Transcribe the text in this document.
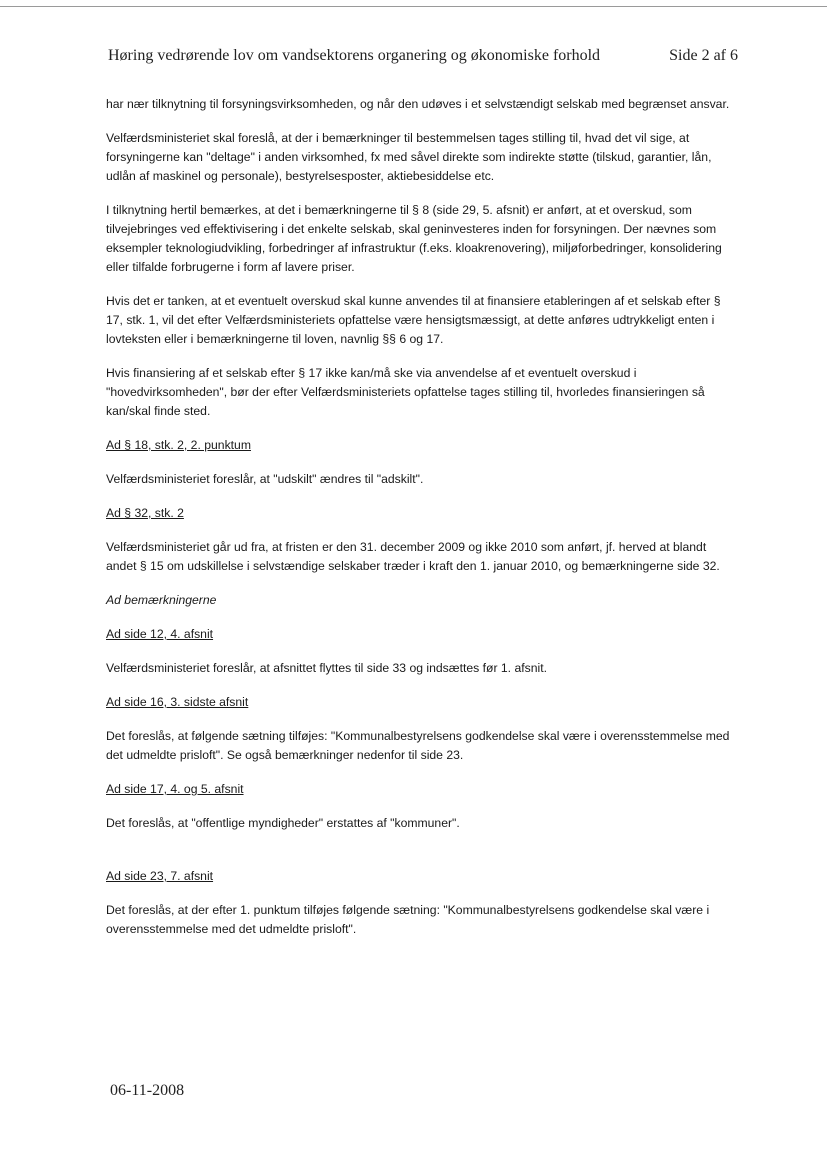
Høring vedrørende lov om vandsektorens organering og økonomiske forhold	Side 2 af 6

har nær tilknytning til forsyningsvirksomheden, og når den udøves i et selvstændigt selskab med begrænset ansvar.

Velfærdsministeriet skal foreslå, at der i bemærkninger til bestemmelsen tages stilling til, hvad det vil sige, at forsyningerne kan "deltage" i anden virksomhed, fx med såvel direkte som indirekte støtte (tilskud, garantier, lån, udlån af maskinel og personale), bestyrelsesposter, aktiebesiddelse etc.

I tilknytning hertil bemærkes, at det i bemærkningerne til § 8 (side 29, 5. afsnit) er anført, at et overskud, som tilvejebringes ved effektivisering i det enkelte selskab, skal geninvesteres inden for forsyningen. Der nævnes som eksempler teknologiudvikling, forbedringer af infrastruktur (f.eks. kloakrenovering), miljøforbedringer, konsolidering eller tilfalde forbrugerne i form af lavere priser.

Hvis det er tanken, at et eventuelt overskud skal kunne anvendes til at finansiere etableringen af et selskab efter § 17, stk. 1, vil det efter Velfærdsministeriets opfattelse være hensigtsmæssigt, at dette anføres udtrykkeligt enten i lovteksten eller i bemærkningerne til loven, navnlig §§ 6 og 17.

Hvis finansiering af et selskab efter § 17 ikke kan/må ske via anvendelse af et eventuelt overskud i "hovedvirksomheden", bør der efter Velfærdsministeriets opfattelse tages stilling til, hvorledes finansieringen så kan/skal finde sted.

Ad § 18, stk. 2, 2. punktum

Velfærdsministeriet foreslår, at "udskilt" ændres til "adskilt".

Ad § 32, stk. 2

Velfærdsministeriet går ud fra, at fristen er den 31. december 2009 og ikke 2010 som anført, jf. herved at blandt andet § 15 om udskillelse i selvstændige selskaber træder i kraft den 1. januar 2010, og bemærkningerne side 32.

Ad bemærkningerne

Ad side 12, 4. afsnit

Velfærdsministeriet foreslår, at afsnittet flyttes til side 33 og indsættes før 1. afsnit.

Ad side 16, 3. sidste afsnit

Det foreslås, at følgende sætning tilføjes: "Kommunalbestyrelsens godkendelse skal være i overensstemmelse med det udmeldte prisloft". Se også bemærkninger nedenfor til side 23.

Ad side 17, 4. og 5. afsnit

Det foreslås, at "offentlige myndigheder" erstattes af "kommuner".

Ad side 23, 7. afsnit

Det foreslås, at der efter 1. punktum tilføjes følgende sætning: "Kommunalbestyrelsens godkendelse skal være i overensstemmelse med det udmeldte prisloft".

06-11-2008
